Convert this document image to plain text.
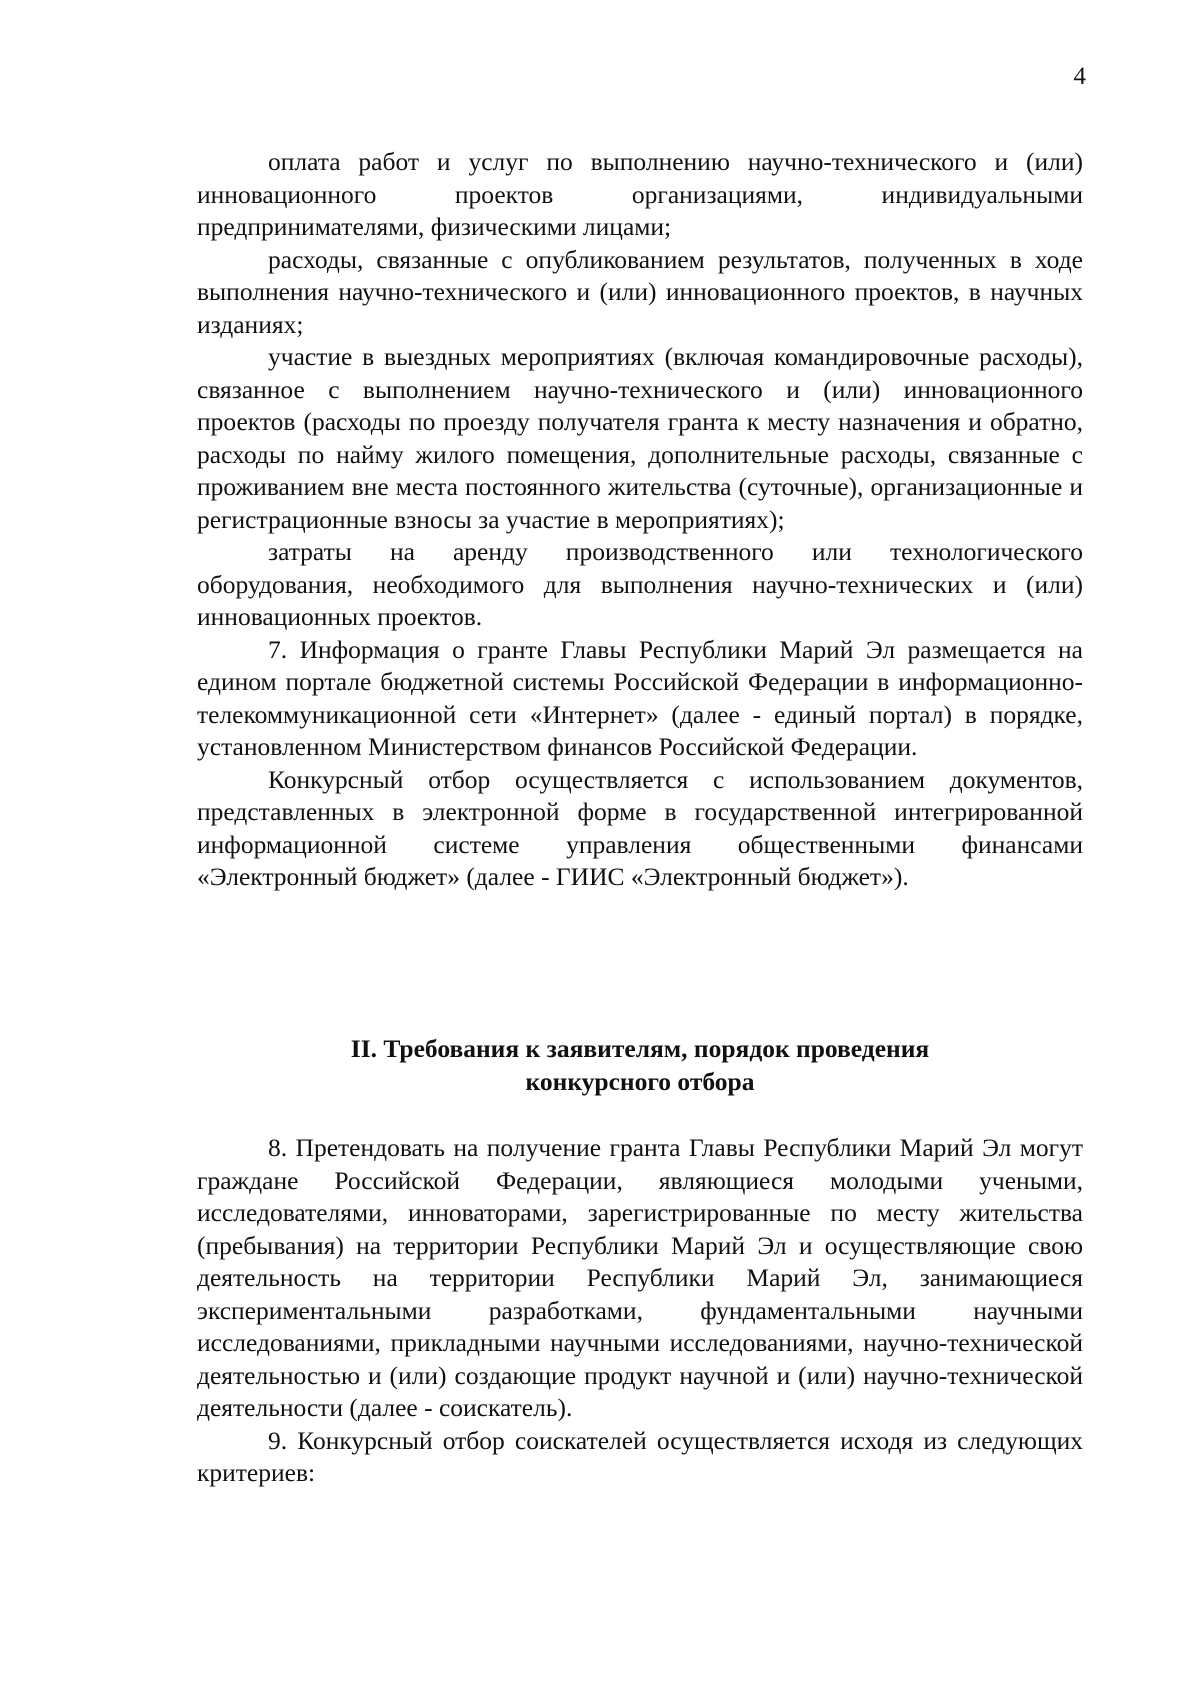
4

оплата работ и услуг по выполнению научно-технического и (или) инновационного проектов организациями, индивидуальными предпринимателями, физическими лицами;

расходы, связанные с опубликованием результатов, полученных в ходе выполнения научно-технического и (или) инновационного проектов, в научных изданиях;

участие в выездных мероприятиях (включая командировочные расходы), связанное с выполнением научно-технического и (или) инновационного проектов (расходы по проезду получателя гранта к месту назначения и обратно, расходы по найму жилого помещения, дополнительные расходы, связанные с проживанием вне места постоянного жительства (суточные), организационные и регистрационные взносы за участие в мероприятиях);

затраты на аренду производственного или технологического оборудования, необходимого для выполнения научно-технических и (или) инновационных проектов.

7. Информация о гранте Главы Республики Марий Эл размещается на едином портале бюджетной системы Российской Федерации в информационно-телекоммуникационной сети «Интернет» (далее - единый портал) в порядке, установленном Министерством финансов Российской Федерации.

Конкурсный отбор осуществляется с использованием документов, представленных в электронной форме в государственной интегрированной информационной системе управления общественными финансами «Электронный бюджет» (далее - ГИИС «Электронный бюджет»).

II. Требования к заявителям, порядок проведения

конкурсного отбора

8. Претендовать на получение гранта Главы Республики Марий Эл могут граждане Российской Федерации, являющиеся молодыми учеными, исследователями, инноваторами, зарегистрированные по месту жительства (пребывания) на территории Республики Марий Эл и осуществляющие свою деятельность на территории Республики Марий Эл, занимающиеся экспериментальными разработками, фундаментальными научными исследованиями, прикладными научными исследованиями, научно-технической деятельностью и (или) создающие продукт научной и (или) научно-технической деятельности (далее - соискатель).

9. Конкурсный отбор соискателей осуществляется исходя из следующих критериев:
